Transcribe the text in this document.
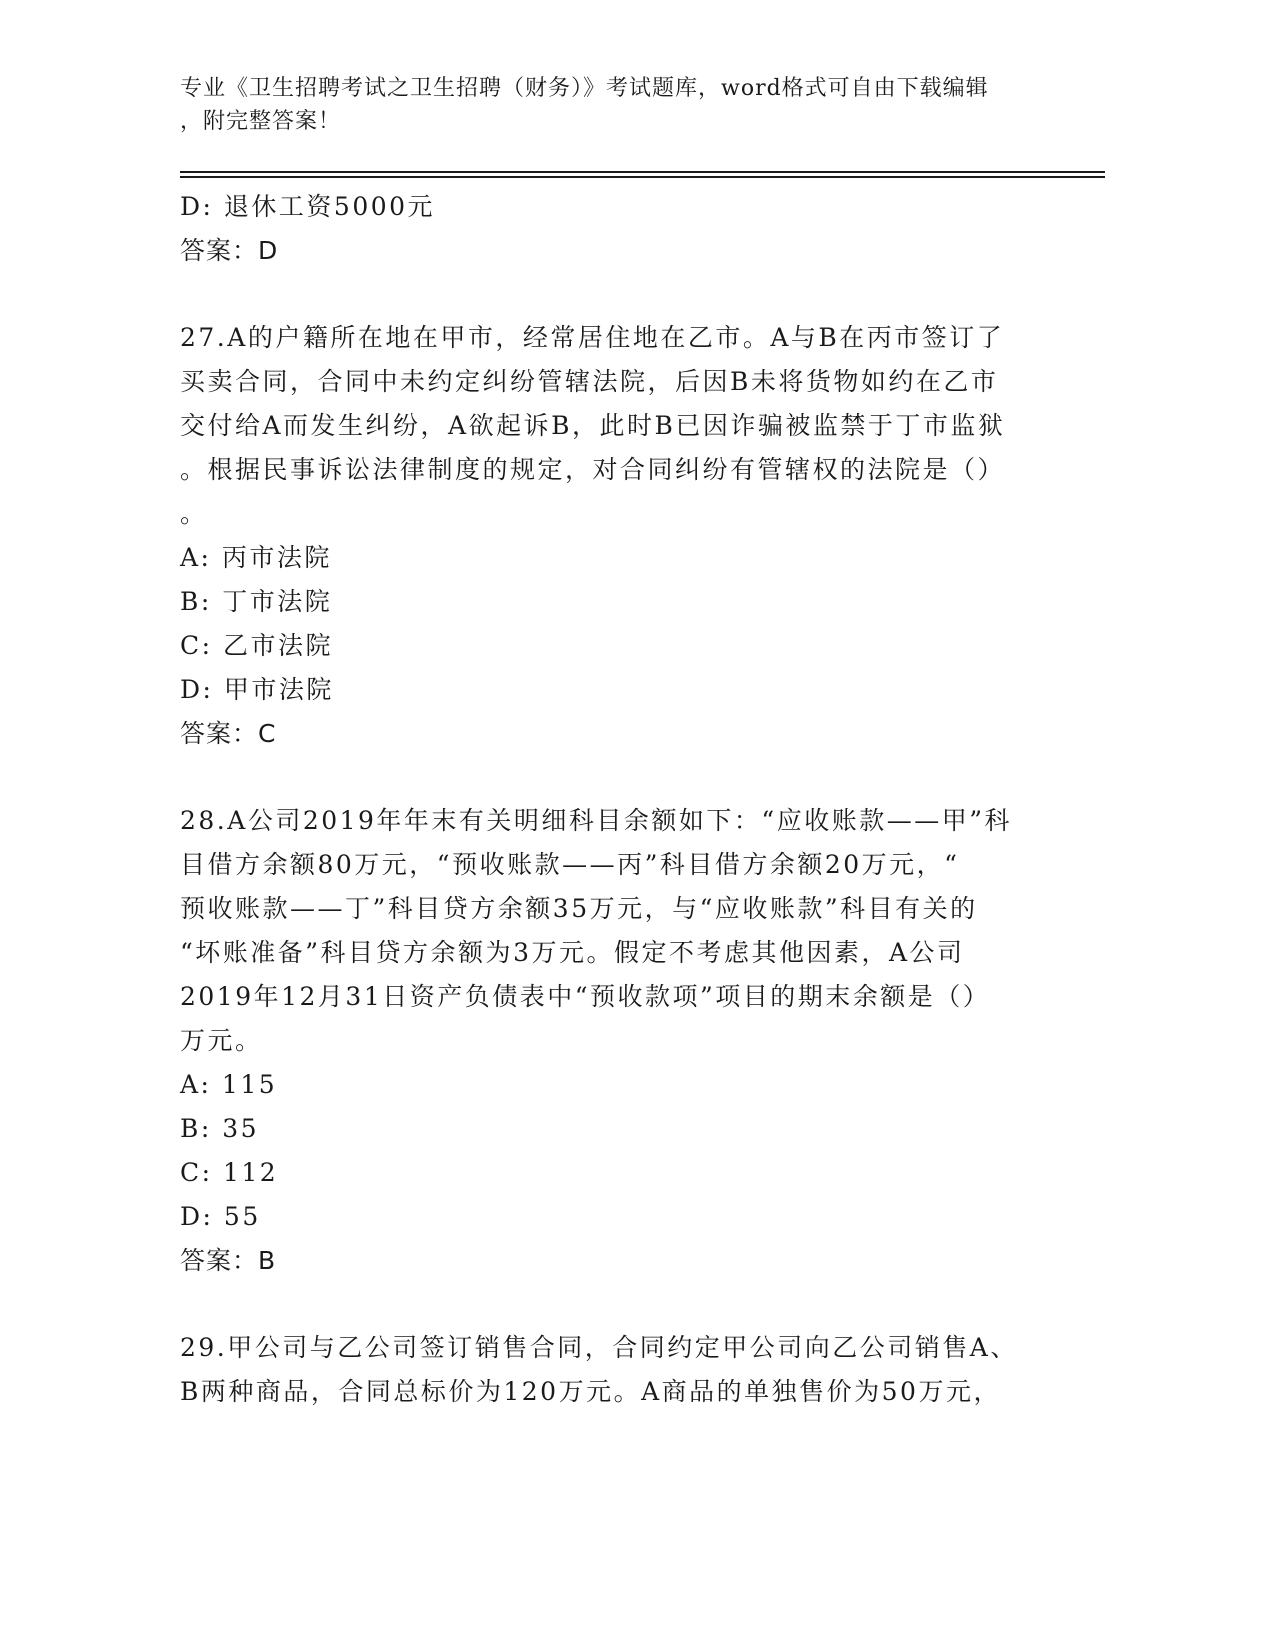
专业《卫生招聘考试之卫生招聘（财务）》考试题库，word格式可自由下载编辑
，附完整答案！
D: 退休工资5000元
答案：D
27.A的户籍所在地在甲市，经常居住地在乙市。A与B在丙市签订了
买卖合同，合同中未约定纠纷管辖法院，后因B未将货物如约在乙市
交付给A而发生纠纷，A欲起诉B，此时B已因诈骗被监禁于丁市监狱
。根据民事诉讼法律制度的规定，对合同纠纷有管辖权的法院是（）
。
A: 丙市法院
B: 丁市法院
C: 乙市法院
D: 甲市法院
答案：C
28.A公司2019年年末有关明细科目余额如下：“应收账款——甲”科
目借方余额80万元，“预收账款——丙”科目借方余额20万元，“
预收账款——丁”科目贷方余额35万元，与“应收账款”科目有关的
“坏账准备”科目贷方余额为3万元。假定不考虑其他因素，A公司
2019年12月31日资产负债表中“预收款项”项目的期末余额是（）
万元。
A: 115
B: 35
C: 112
D: 55
答案：B
29.甲公司与乙公司签订销售合同，合同约定甲公司向乙公司销售A、
B两种商品，合同总标价为120万元。A商品的单独售价为50万元，
